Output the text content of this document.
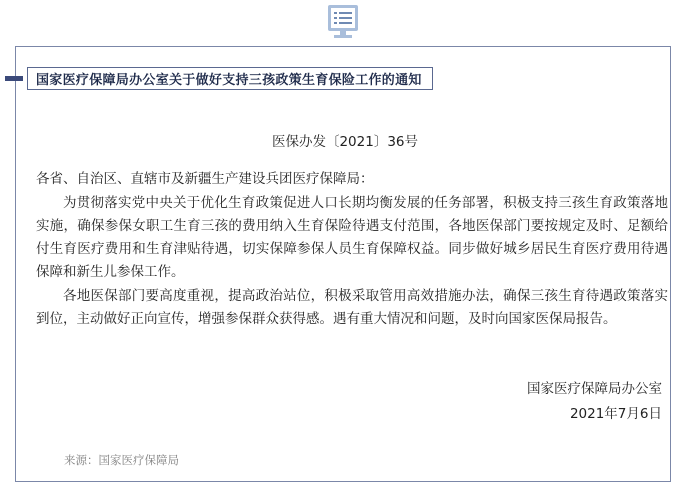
国家医疗保障局办公室关于做好支持三孩政策生育保险工作的通知
医保办发〔2021〕36号
各省、自治区、直辖市及新疆生产建设兵团医疗保障局：

为贯彻落实党中央关于优化生育政策促进人口长期均衡发展的任务部署，积极支持三孩生育政策落地实施，确保参保女职工生育三孩的费用纳入生育保险待遇支付范围，各地医保部门要按规定及时、足额给付生育医疗费用和生育津贴待遇，切实保障参保人员生育保障权益。同步做好城乡居民生育医疗费用待遇保障和新生儿参保工作。

各地医保部门要高度重视，提高政治站位，积极采取管用高效措施办法，确保三孩生育待遇政策落实到位，主动做好正向宣传，增强参保群众获得感。遇有重大情况和问题，及时向国家医保局报告。

国家医疗保障局办公室
2021年7月6日
来源：国家医疗保障局
